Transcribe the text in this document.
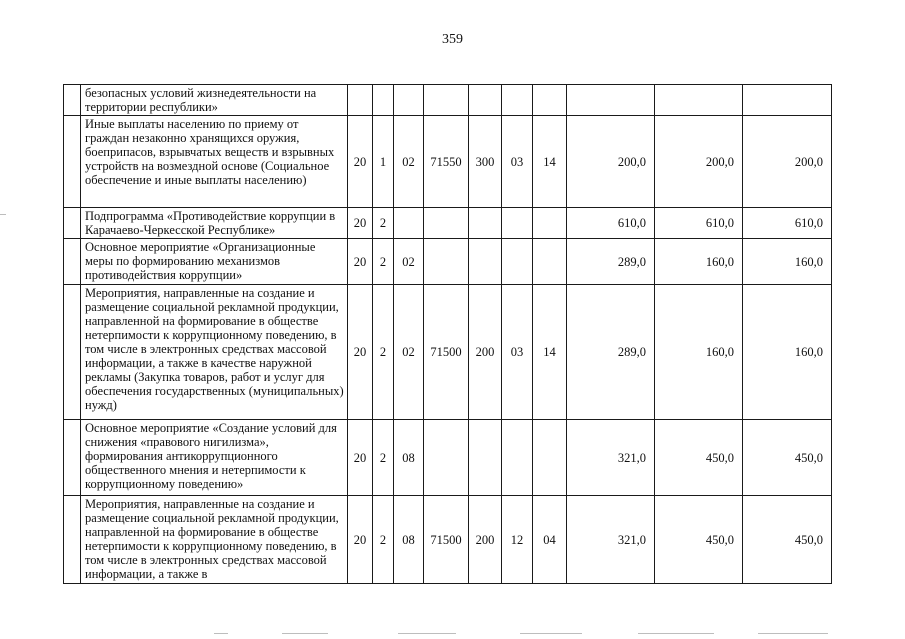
359
	безопасных условий жизнедеятельности на территории республики»										
	Иные выплаты населению по приему от граждан незаконно хранящихся оружия, боеприпасов, взрывчатых веществ и взрывных устройств на возмездной основе (Социальное обеспечение и иные выплаты населению)	20	1	02	71550	300	03	14	200,0	200,0	200,0
	Подпрограмма «Противодействие коррупции в Карачаево-Черкесской Республике»	20	2						610,0	610,0	610,0
	Основное мероприятие «Организационные меры по формированию механизмов противодействия коррупции»	20	2	02					289,0	160,0	160,0
	Мероприятия, направленные на создание и размещение социальной рекламной продукции, направленной на формирование в обществе нетерпимости к коррупционному поведению, в том числе в электронных средствах массовой информации, а также в качестве наружной рекламы (Закупка товаров, работ и услуг для обеспечения государственных (муниципальных) нужд)	20	2	02	71500	200	03	14	289,0	160,0	160,0
	Основное мероприятие «Создание условий для снижения «правового нигилизма», формирования антикоррупционного общественного мнения и нетерпимости к коррупционному поведению»	20	2	08					321,0	450,0	450,0
	Мероприятия, направленные на создание и размещение социальной рекламной продукции, направленной на формирование в обществе нетерпимости к коррупционному поведению, в том числе в электронных средствах массовой информации, а также в	20	2	08	71500	200	12	04	321,0	450,0	450,0
